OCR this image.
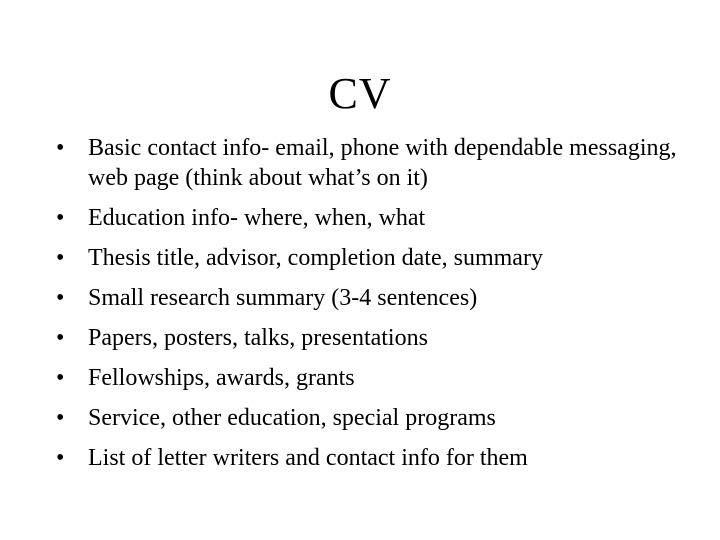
CV
• Basic contact info- email, phone with dependable messaging, web page (think about what’s on it)
• Education info- where, when, what
• Thesis title, advisor, completion date, summary
• Small research summary (3-4 sentences)
• Papers, posters, talks, presentations
• Fellowships, awards, grants
• Service, other education, special programs
• List of letter writers and contact info for them
